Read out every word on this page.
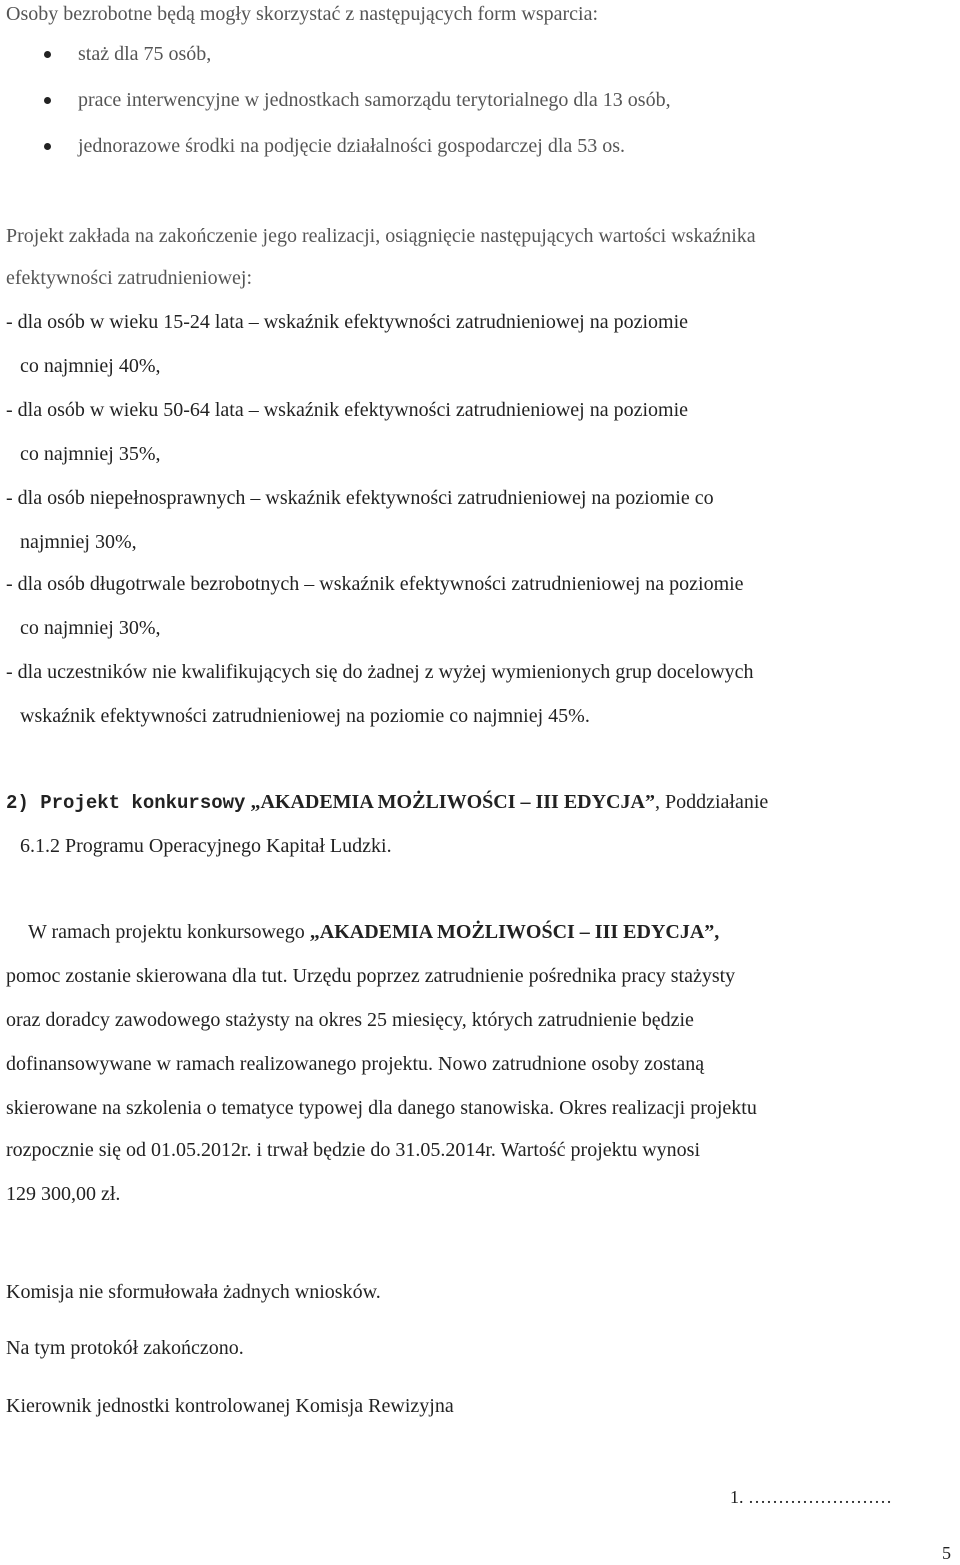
Osoby bezrobotne będą mogły skorzystać z następujących form wsparcia:
staż dla 75 osób,
prace interwencyjne w jednostkach samorządu terytorialnego dla 13 osób,
jednorazowe środki na podjęcie działalności gospodarczej dla 53 os.
Projekt zakłada na zakończenie jego realizacji, osiągnięcie następujących wartości wskaźnika
efektywności zatrudnieniowej:
- dla osób w wieku 15-24 lata – wskaźnik efektywności zatrudnieniowej na poziomie
co najmniej 40%,
- dla osób w wieku 50-64 lata – wskaźnik efektywności zatrudnieniowej na poziomie
co najmniej 35%,
- dla osób niepełnosprawnych – wskaźnik efektywności zatrudnieniowej na poziomie co
najmniej 30%,
- dla osób długotrwale bezrobotnych – wskaźnik efektywności zatrudnieniowej na poziomie
co najmniej 30%,
- dla uczestników nie kwalifikujących się do żadnej z wyżej wymienionych grup docelowych
wskaźnik efektywności zatrudnieniowej na poziomie co najmniej 45%.
2) Projekt konkursowy „AKADEMIA MOŻLIWOŚCI – III EDYCJA”, Poddziałanie
6.1.2 Programu Operacyjnego Kapitał Ludzki.
W ramach projektu konkursowego „AKADEMIA MOŻLIWOŚCI – III EDYCJA”,
pomoc zostanie skierowana dla tut. Urzędu poprzez zatrudnienie pośrednika pracy stażysty
oraz doradcy zawodowego stażysty na okres 25 miesięcy, których zatrudnienie będzie
dofinansowywane w ramach realizowanego projektu. Nowo zatrudnione osoby zostaną
skierowane na szkolenia o tematyce typowej dla danego stanowiska. Okres realizacji projektu
rozpocznie się od 01.05.2012r. i trwał będzie do 31.05.2014r. Wartość projektu wynosi
129 300,00 zł.
Komisja nie sformułowała żadnych wniosków.
Na tym protokół zakończono.
Kierownik jednostki kontrolowanej Komisja Rewizyjna
1. ……………………
5
